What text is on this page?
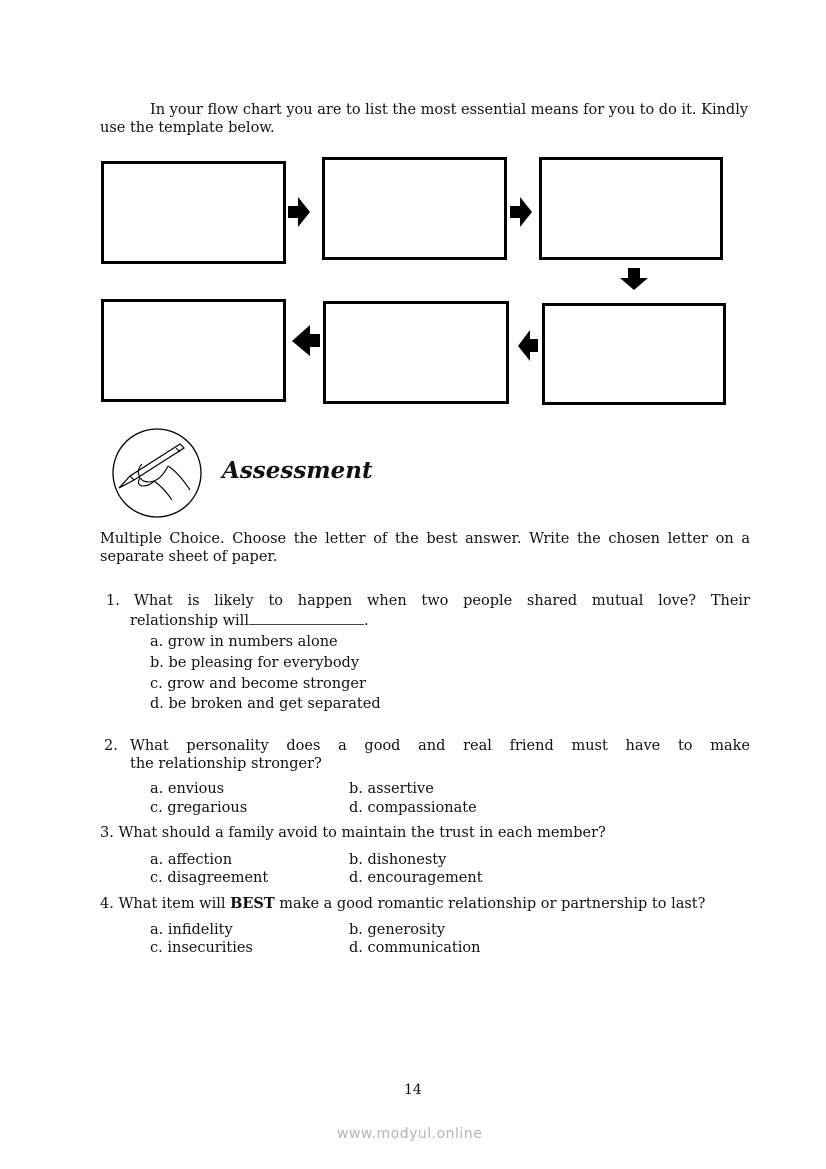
In your flow chart you are to list the most essential means for you to do it. Kindly
use the template below.
Assessment
Multiple Choice. Choose the letter of the best answer. Write the chosen letter on a
separate sheet of paper.
1. What is likely to happen when two people shared mutual love? Their
relationship will	.
a. grow in numbers alone
b. be pleasing for everybody
c. grow and become stronger
d. be broken and get separated
2. What personality does a good and real friend must have to make
the relationship stronger?
a. envious	b. assertive
c. gregarious	d. compassionate
3. What should a family avoid to maintain the trust in each member?
a. affection	b. dishonesty
c. disagreement	d. encouragement
4. What item will BEST make a good romantic relationship or partnership to last?
a. infidelity	b. generosity
c. insecurities	d. communication
14
www.modyul.online
